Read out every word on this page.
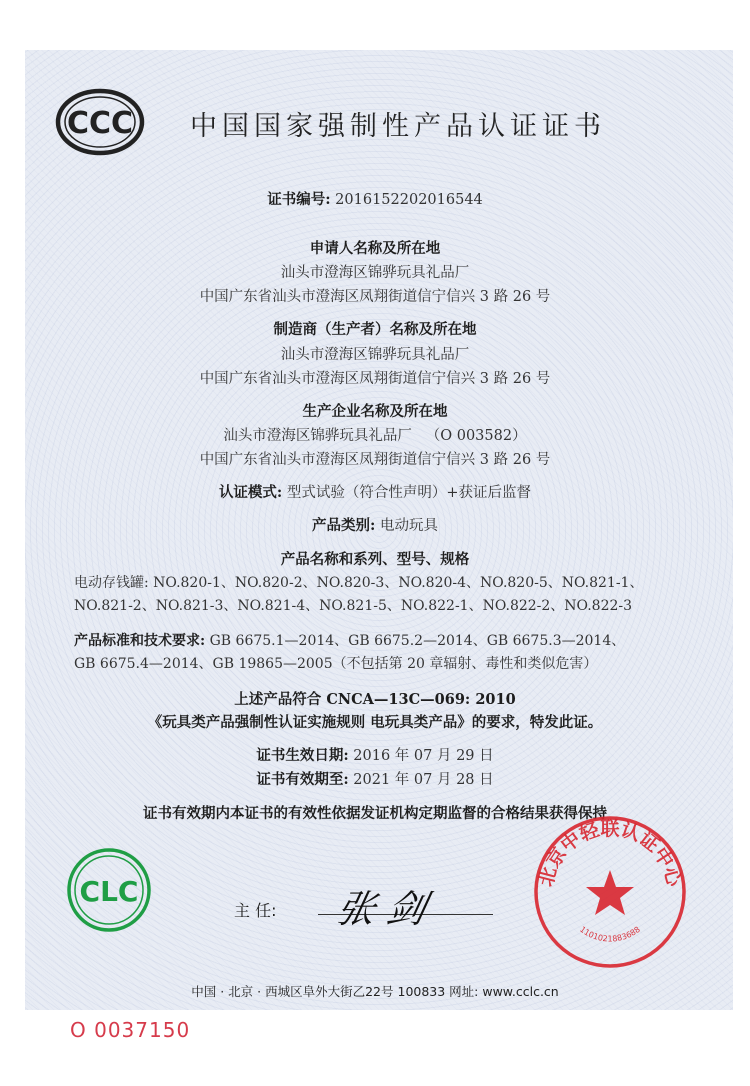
CCC 中国国家强制性产品认证证书
证书编号: 2016152202016544
申请人名称及所在地
汕头市澄海区锦骅玩具礼品厂
中国广东省汕头市澄海区凤翔街道信宁信兴 3 路 26 号
制造商（生产者）名称及所在地
汕头市澄海区锦骅玩具礼品厂
中国广东省汕头市澄海区凤翔街道信宁信兴 3 路 26 号
生产企业名称及所在地
汕头市澄海区锦骅玩具礼品厂 （O 003582）
中国广东省汕头市澄海区凤翔街道信宁信兴 3 路 26 号
认证模式: 型式试验（符合性声明）+获证后监督
产品类别: 电动玩具
产品名称和系列、型号、规格
电动存钱罐: NO.820-1、NO.820-2、NO.820-3、NO.820-4、NO.820-5、NO.821-1、
NO.821-2、NO.821-3、NO.821-4、NO.821-5、NO.822-1、NO.822-2、NO.822-3
产品标准和技术要求: GB 6675.1—2014、GB 6675.2—2014、GB 6675.3—2014、
GB 6675.4—2014、GB 19865—2005（不包括第 20 章辐射、毒性和类似危害）
上述产品符合 CNCA—13C—069: 2010
《玩具类产品强制性认证实施规则 电玩具类产品》的要求，特发此证。
证书生效日期: 2016 年 07 月 29 日
证书有效期至: 2021 年 07 月 28 日
证书有效期内本证书的有效性依据发证机构定期监督的合格结果获得保持
CLC
主 任: 张 剑
北京中轻联认证中心
1101021883688
中国 · 北京 · 西城区阜外大街乙22号 100833 网址: www.cclc.cn
O 0037150
